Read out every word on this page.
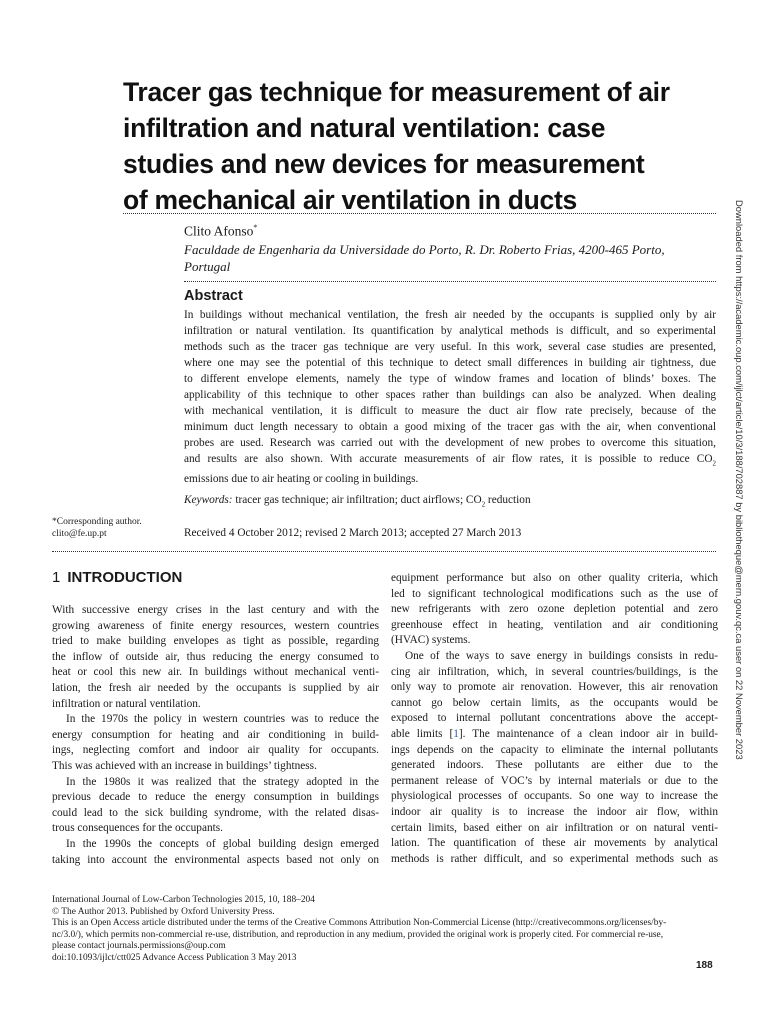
Tracer gas technique for measurement of air
infiltration and natural ventilation: case
studies and new devices for measurement
of mechanical air ventilation in ducts
Clito Afonso*
Faculdade de Engenharia da Universidade do Porto, R. Dr. Roberto Frias, 4200-465 Porto,
Portugal
Abstract
In buildings without mechanical ventilation, the fresh air needed by the occupants is supplied only by air
infiltration or natural ventilation. Its quantification by analytical methods is difficult, and so experimental
methods such as the tracer gas technique are very useful. In this work, several case studies are presented,
where one may see the potential of this technique to detect small differences in building air tightness, due
to different envelope elements, namely the type of window frames and location of blinds’ boxes. The
applicability of this technique to other spaces rather than buildings can also be analyzed. When dealing
with mechanical ventilation, it is difficult to measure the duct air flow rate precisely, because of the
minimum duct length necessary to obtain a good mixing of the tracer gas with the air, when conventional
probes are used. Research was carried out with the development of new probes to overcome this situation,
and results are also shown. With accurate measurements of air flow rates, it is possible to reduce $CO_2$
emissions due to air heating or cooling in buildings.
Keywords: tracer gas technique; air infiltration; duct airflows; $CO_2$ reduction
*Corresponding author.
clito@fe.up.pt	Received 4 October 2012; revised 2 March 2013; accepted 27 March 2013
1 INTRODUCTION
With successive energy crises in the last century and with the
growing awareness of finite energy resources, western countries
tried to make building envelopes as tight as possible, regarding
the inflow of outside air, thus reducing the energy consumed to
heat or cool this new air. In buildings without mechanical venti-
lation, the fresh air needed by the occupants is supplied by air
infiltration or natural ventilation.
In the 1970s the policy in western countries was to reduce the
energy consumption for heating and air conditioning in build-
ings, neglecting comfort and indoor air quality for occupants.
This was achieved with an increase in buildings’ tightness.
In the 1980s it was realized that the strategy adopted in the
previous decade to reduce the energy consumption in buildings
could lead to the sick building syndrome, with the related disas-
trous consequences for the occupants.
In the 1990s the concepts of global building design emerged
taking into account the environmental aspects based not only on
equipment performance but also on other quality criteria, which
led to significant technological modifications such as the use of
new refrigerants with zero ozone depletion potential and zero
greenhouse effect in heating, ventilation and air conditioning
(HVAC) systems.
One of the ways to save energy in buildings consists in redu-
cing air infiltration, which, in several countries/buildings, is the
only way to promote air renovation. However, this air renovation
cannot go below certain limits, as the occupants would be
exposed to internal pollutant concentrations above the accept-
able limits [1]. The maintenance of a clean indoor air in build-
ings depends on the capacity to eliminate the internal pollutants
generated indoors. These pollutants are either due to the
permanent release of VOC’s by internal materials or due to the
physiological processes of occupants. So one way to increase the
indoor air quality is to increase the indoor air flow, within
certain limits, based either on air infiltration or on natural venti-
lation. The quantification of these air movements by analytical
methods is rather difficult, and so experimental methods such as
International Journal of Low-Carbon Technologies 2015, 10, 188–204
© The Author 2013. Published by Oxford University Press.
This is an Open Access article distributed under the terms of the Creative Commons Attribution Non-Commercial License (http://creativecommons.org/licenses/by-
nc/3.0/), which permits non-commercial re-use, distribution, and reproduction in any medium, provided the original work is properly cited. For commercial re-use,
please contact journals.permissions@oup.com
doi:10.1093/ijlct/ctt025 Advance Access Publication 3 May 2013
188
Downloaded from https://academic.oup.com/ijlct/article/10/3/188/702887 by bibliotheque@mern.gouv.qc.ca user on 22 November 2023
